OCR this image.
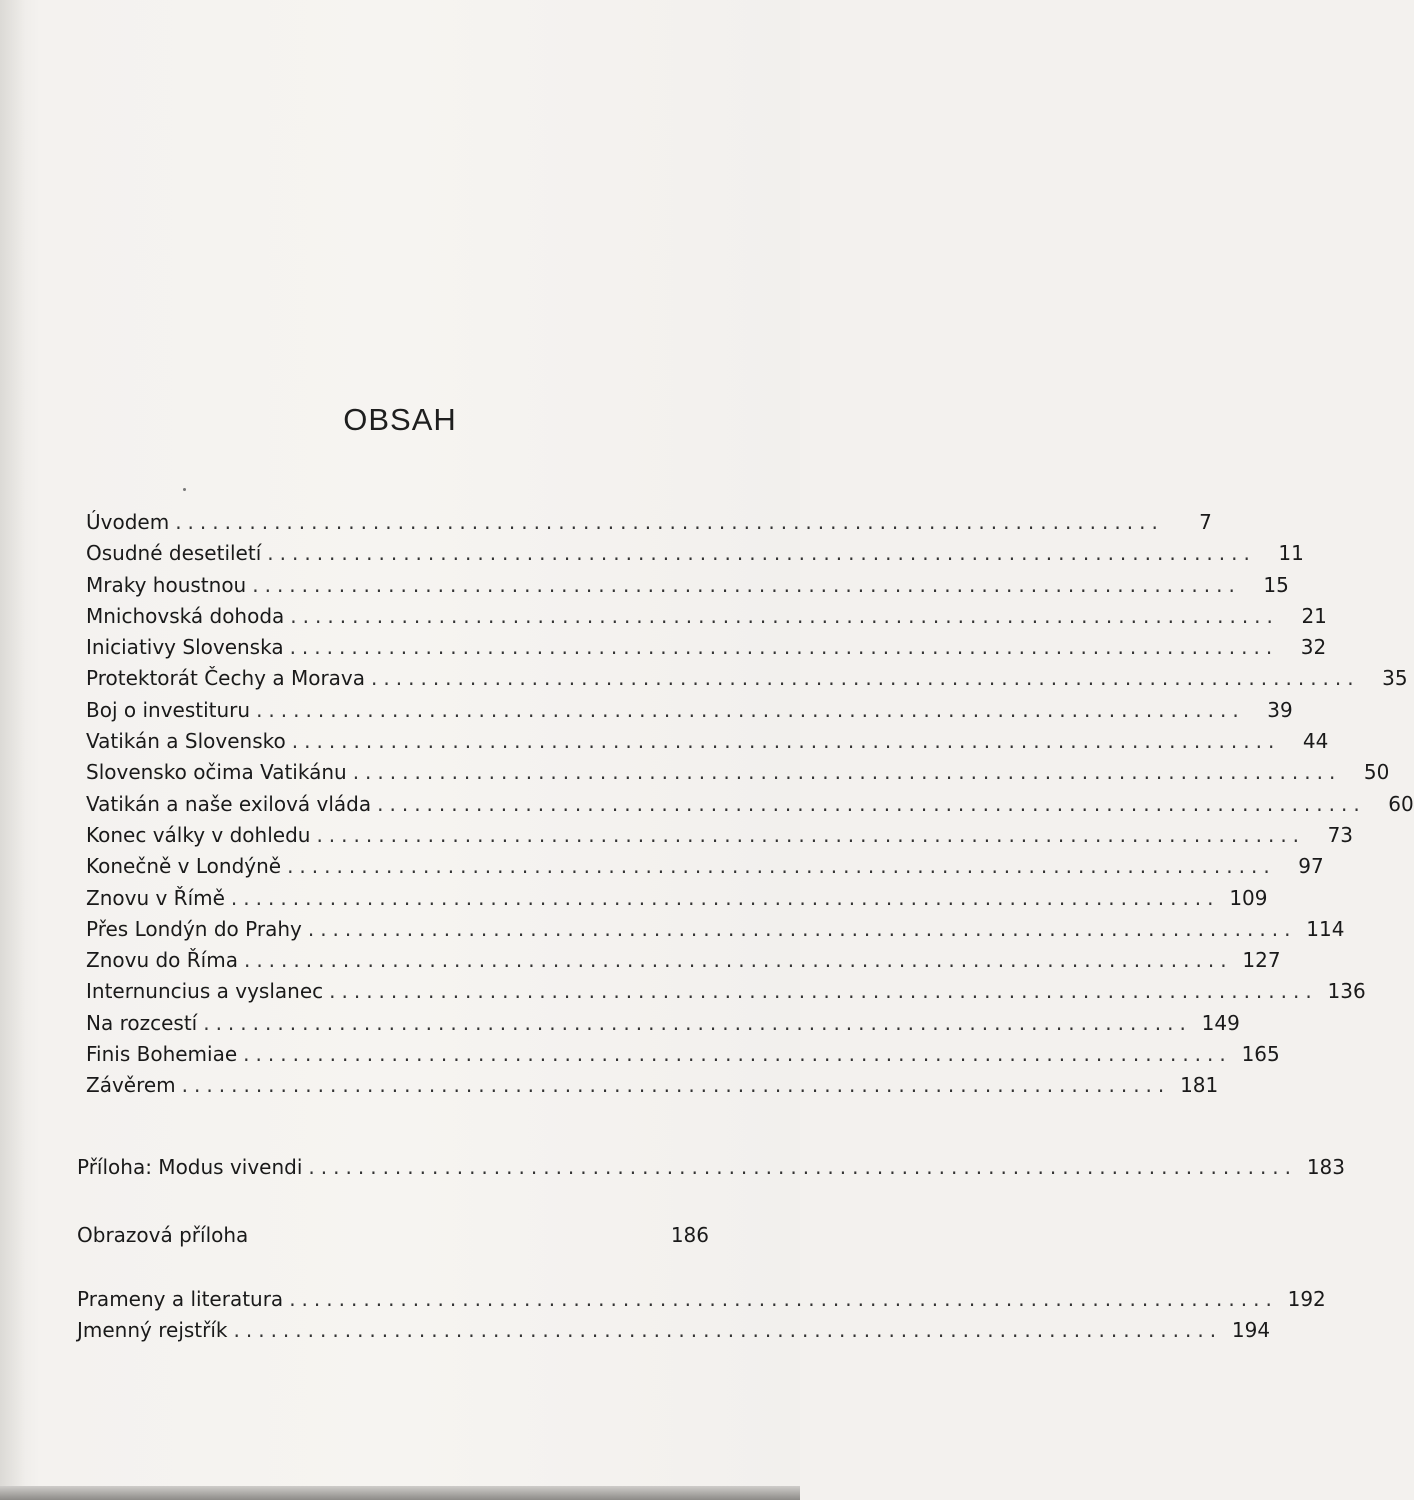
OBSAH
Úvodem ................................................................................	7
Osudné desetiletí ................................................................................	11
Mraky houstnou ................................................................................	15
Mnichovská dohoda ................................................................................	21
Iniciativy Slovenska ................................................................................	32
Protektorát Čechy a Morava ................................................................................	35
Boj o investituru ................................................................................	39
Vatikán a Slovensko ................................................................................	44
Slovensko očima Vatikánu ................................................................................	50
Vatikán a naše exilová vláda ................................................................................	60
Konec války v dohledu ................................................................................	73
Konečně v Londýně ................................................................................	97
Znovu v Římě ................................................................................ 109
Přes Londýn do Prahy ................................................................................ 114
Znovu do Říma ................................................................................ 127
Internuncius a vyslanec ................................................................................ 136
Na rozcestí ................................................................................ 149
Finis Bohemiae ................................................................................ 165
Závěrem ................................................................................ 181
Příloha: Modus vivendi ................................................................................ 183
Obrazová příloha	186
Prameny a literatura ................................................................................ 192
Jmenný rejstřík ................................................................................ 194
